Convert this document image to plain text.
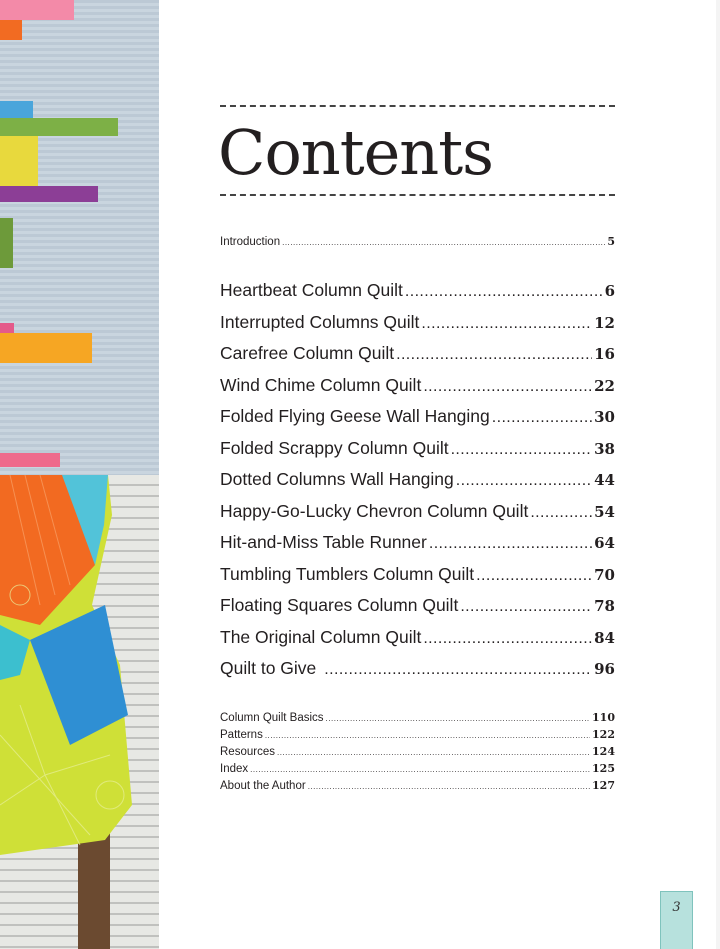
Contents
Introduction .....	5
Heartbeat Column Quilt .....	6
Interrupted Columns Quilt .....	12
Carefree Column Quilt .....	16
Wind Chime Column Quilt .....	22
Folded Flying Geese Wall Hanging .....	30
Folded Scrappy Column Quilt .....	38
Dotted Columns Wall Hanging .....	44
Happy-Go-Lucky Chevron Column Quilt .....	54
Hit-and-Miss Table Runner .....	64
Tumbling Tumblers Column Quilt .....	70
Floating Squares Column Quilt .....	78
The Original Column Quilt .....	84
Quilt to Give .....	96
Column Quilt Basics .....	110
Patterns .....	122
Resources .....	124
Index .....	125
About the Author .....	127
3
